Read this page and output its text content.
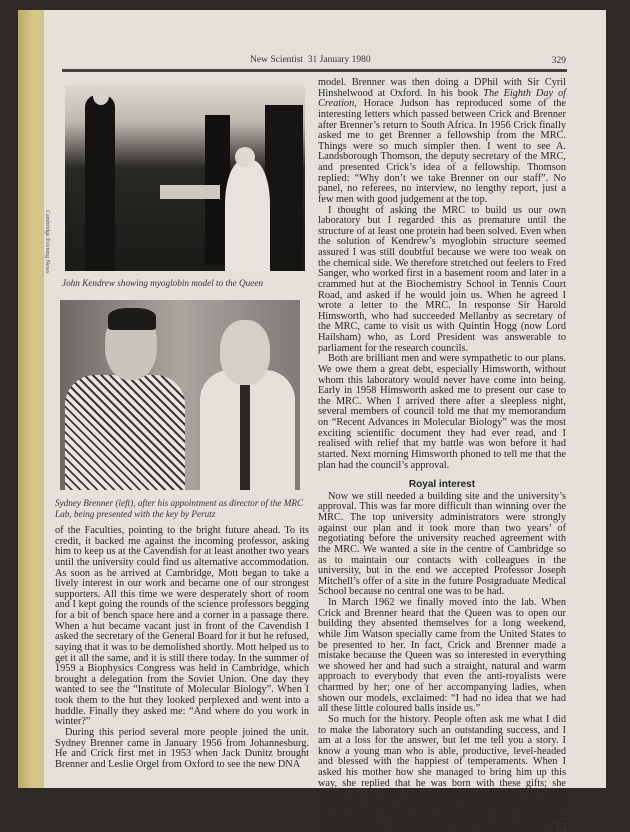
New Scientist 31 January 1980	329
Cambridge Evening News
John Kendrew showing myoglobin model to the Queen
Sydney Brenner (left), after his appointment as director of the MRC Lab, being presented with the key by Perutz

of the Faculties, pointing to the bright future ahead. To its credit, it backed me against the incoming professor, asking him to keep us at the Cavendish for at least another two years until the university could find us alternative accommodation. As soon as he arrived at Cambridge, Mott began to take a lively interest in our work and became one of our strongest supporters. All this time we were desperately short of room and I kept going the rounds of the science professors begging for a bit of bench space here and a corner in a passage there. When a hut became vacant just in front of the Cavendish I asked the secretary of the General Board for it but he refused, saying that it was to be demolished shortly. Mott helped us to get it all the same, and it is still there today. In the summer of 1959 a Biophysics Congress was held in Cambridge, which brought a delegation from the Soviet Union. One day they wanted to see the “Institute of Molecular Biology”. When I took them to the hut they looked perplexed and went into a huddle. Finally they asked me: “And where do you work in winter?”

During this period several more people joined the unit. Sydney Brenner came in January 1956 from Johannesburg. He and Crick first met in 1953 when Jack Dunitz brought Brenner and Leslie Orgel from Oxford to see the new DNA

model. Brenner was then doing a DPhil with Sir Cyril Hinshelwood at Oxford. In his book The Eighth Day of Creation, Horace Judson has reproduced some of the interesting letters which passed between Crick and Brenner after Brenner’s return to South Africa. In 1956 Crick finally asked me to get Brenner a fellowship from the MRC. Things were so much simpler then. I went to see A. Landsborough Thomson, the deputy secretary of the MRC, and presented Crick’s idea of a fellowship. Thomson replied: “Why don’t we take Brenner on our staff”. No panel, no referees, no interview, no lengthy report, just a few men with good judgement at the top.

I thought of asking the MRC to build us our own laboratory but I regarded this as premature until the structure of at least one protein had been solved. Even when the solution of Kendrew’s myoglobin structure seemed assured I was still doubtful because we were too weak on the chemical side. We therefore stretched out feelers to Fred Sanger, who worked first in a basement room and later in a crammed hut at the Biochemistry School in Tennis Court Road, and asked if he would join us. When he agreed I wrote a letter to the MRC. In response Sir Harold Himsworth, who had succeeded Mellanby as secretary of the MRC, came to visit us with Quintin Hogg (now Lord Hailsham) who, as Lord President was answerable to parliament for the research councils.

Both are brilliant men and were sympathetic to our plans. We owe them a great debt, especially Himsworth, without whom this laboratory would never have come into being. Early in 1958 Himsworth asked me to present our case to the MRC. When I arrived there after a sleepless night, several members of council told me that my memorandum on “Recent Advances in Molecular Biology” was the most exciting scientific document they had ever read, and I realised with relief that my battle was won before it had started. Next morning Himsworth phoned to tell me that the plan had the council’s approval.

Royal interest

Now we still needed a building site and the university’s approval. This was far more difficult than winning over the MRC. The top university administrators were strongly against our plan and it took more than two years’ of negotiating before the university reached agreement with the MRC. We wanted a site in the centre of Cambridge so as to maintain our contacts with colleagues in the university, but in the end we accepted Professor Joseph Mitchell’s offer of a site in the future Postgraduate Medical School because no central one was to be had.

In March 1962 we finally moved into the lab. When Crick and Brenner heard that the Queen was to open our building they absented themselves for a long weekend, while Jim Watson specially came from the United States to be presented to her. In fact, Crick and Brenner made a mistake because the Queen was so interested in everything we showed her and had such a straight, natural and warm approach to everybody that even the anti-royalists were charmed by her; one of her accompanying ladies, when shown our models, exclaimed: “I had no idea that we had all these little coloured balls inside us.”

So much for the history. People often ask me what I did to make the laboratory such an outstanding success, and I am at a loss for the answer, but let me tell you a story. I know a young man who is able, productive, level-headed and blessed with the happiest of temperaments. When I asked his mother how she managed to bring him up this way, she replied that he was born with these gifts; she merely had to foster them and make sure that no one would spoil what Nature had provided. The laboratory was like this. It started with so many gifted people that I just had to let them develop and help them to get what they needed.
